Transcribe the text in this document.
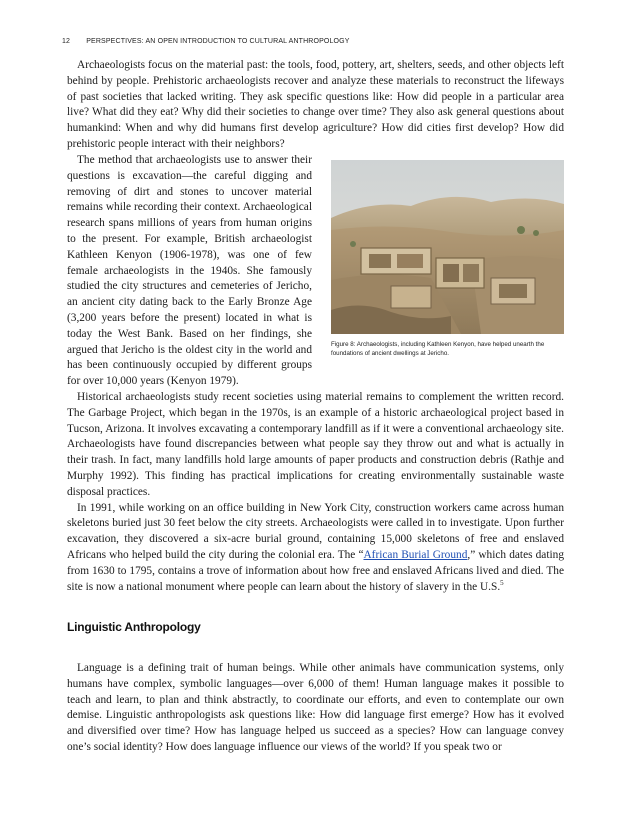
12 PERSPECTIVES: AN OPEN INTRODUCTION TO CULTURAL ANTHROPOLOGY

Archaeologists focus on the material past: the tools, food, pottery, art, shelters, seeds, and other objects left behind by people. Prehistoric archaeologists recover and analyze these materials to reconstruct the lifeways of past societies that lacked writing. They ask specific questions like: How did people in a particular area live? What did they eat? Why did their societies to change over time? They also ask general questions about humankind: When and why did humans first develop agriculture? How did cities first develop? How did prehistoric people interact with their neighbors?

The method that archaeologists use to answer their questions is excavation—the careful digging and removing of dirt and stones to uncover material remains while recording their context. Archaeological research spans millions of years from human origins to the present. For example, British archaeologist Kathleen Kenyon (1906-1978), was one of few female archaeologists in the 1940s. She famously studied the city structures and cemeteries of Jericho, an ancient city dating back to the Early Bronze Age (3,200 years before the present) located in what is today the West Bank. Based on her findings, she argued that Jericho is the oldest city in the world and has been continuously occupied by different groups for over 10,000 years (Kenyon 1979).

Figure 8: Archaeologists, including Kathleen Kenyon, have helped unearth the foundations of ancient dwellings at Jericho.

Historical archaeologists study recent societies using material remains to complement the written record. The Garbage Project, which began in the 1970s, is an example of a historic archaeological project based in Tucson, Arizona. It involves excavating a contemporary landfill as if it were a conventional archaeology site. Archaeologists have found discrepancies between what people say they throw out and what is actually in their trash. In fact, many landfills hold large amounts of paper products and construction debris (Rathje and Murphy 1992). This finding has practical implications for creating environmentally sustainable waste disposal practices.

In 1991, while working on an office building in New York City, construction workers came across human skeletons buried just 30 feet below the city streets. Archaeologists were called in to investigate. Upon further excavation, they discovered a six-acre burial ground, containing 15,000 skeletons of free and enslaved Africans who helped build the city during the colonial era. The “African Burial Ground,” which dates dating from 1630 to 1795, contains a trove of information about how free and enslaved Africans lived and died. The site is now a national monument where people can learn about the history of slavery in the U.S.$^5$

Linguistic Anthropology

Language is a defining trait of human beings. While other animals have communication systems, only humans have complex, symbolic languages—over 6,000 of them! Human language makes it possible to teach and learn, to plan and think abstractly, to coordinate our efforts, and even to contemplate our own demise. Linguistic anthropologists ask questions like: How did language first emerge? How has it evolved and diversified over time? How has language helped us succeed as a species? How can language convey one’s social identity? How does language influence our views of the world? If you speak two or
